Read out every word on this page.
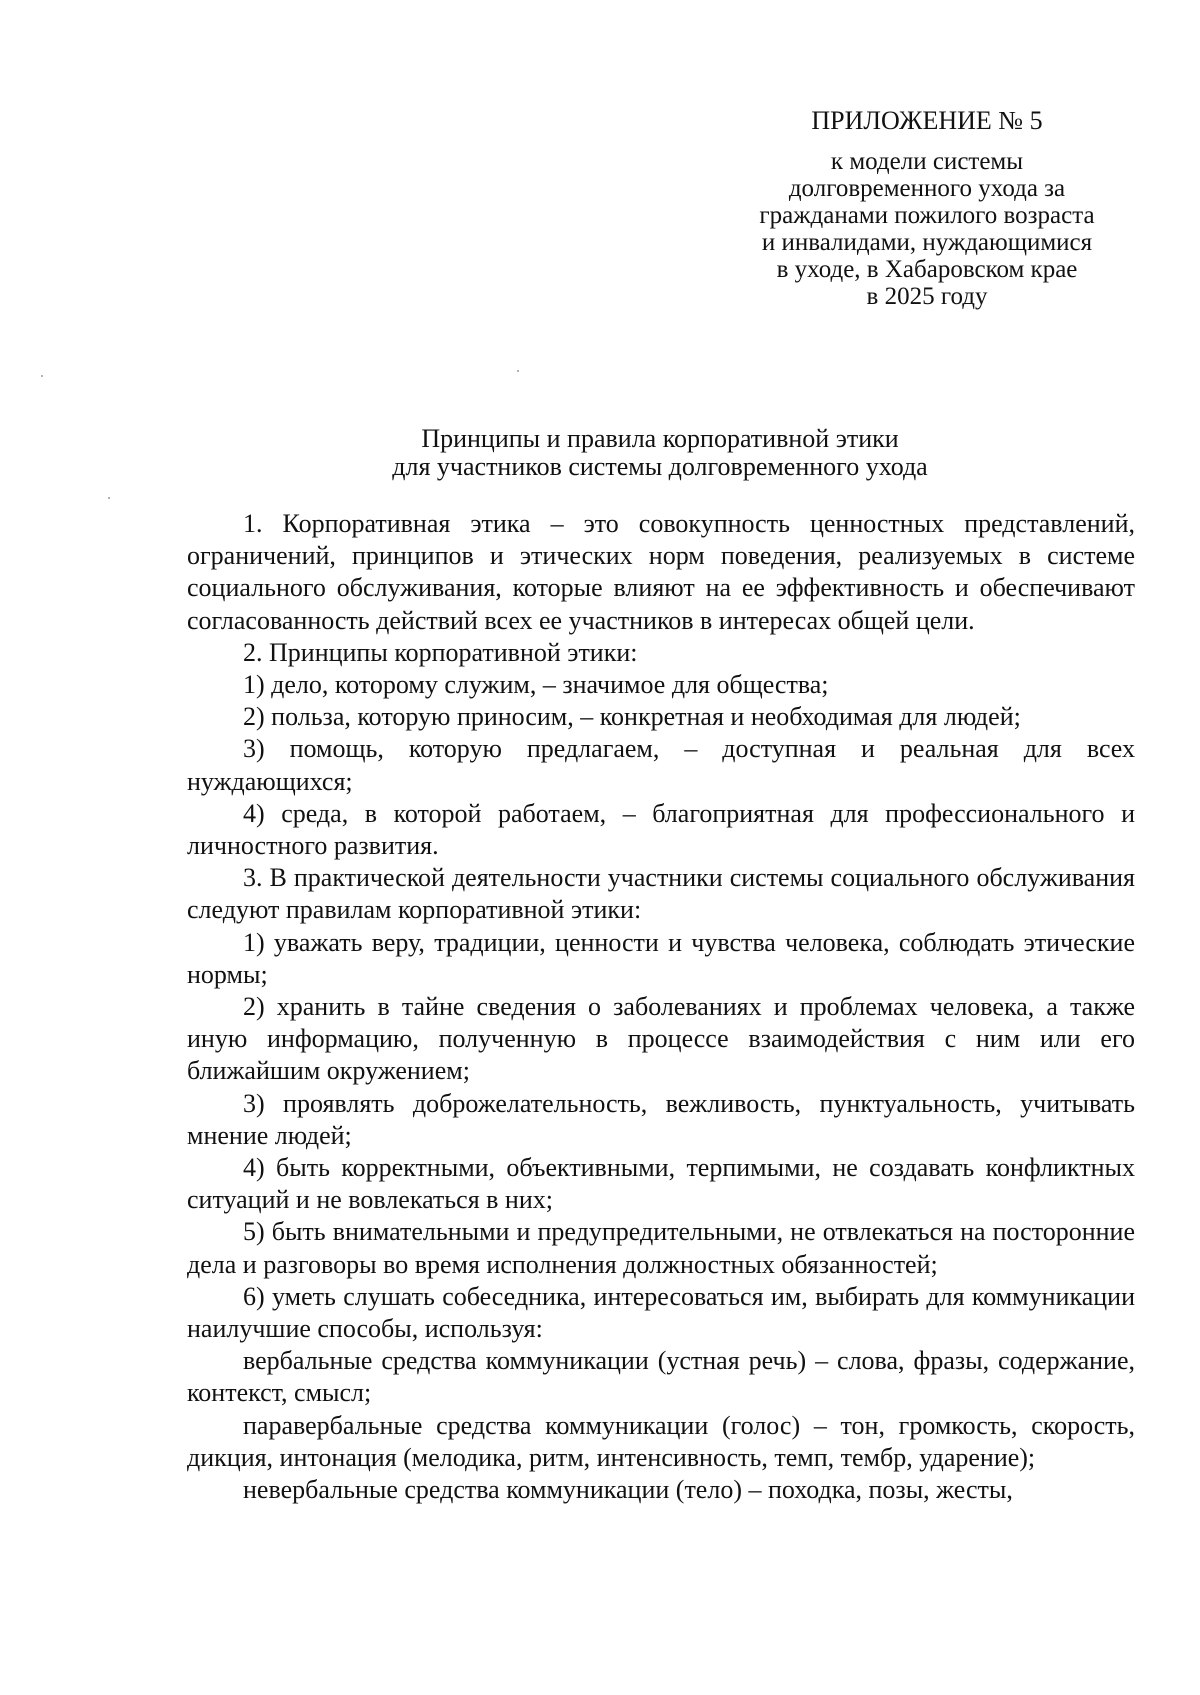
ПРИЛОЖЕНИЕ № 5
к модели системы
долговременного ухода за
гражданами пожилого возраста
и инвалидами, нуждающимися
в уходе, в Хабаровском крае
в 2025 году
Принципы и правила корпоративной этики
для участников системы долговременного ухода

1. Корпоративная этика – это совокупность ценностных представлений, ограничений, принципов и этических норм поведения, реализуемых в системе социального обслуживания, которые влияют на ее эффективность и обеспечивают согласованность действий всех ее участников в интересах общей цели.

2. Принципы корпоративной этики:

1) дело, которому служим, – значимое для общества;

2) польза, которую приносим, – конкретная и необходимая для людей;

3) помощь, которую предлагаем, – доступная и реальная для всех нуждающихся;

4) среда, в которой работаем, – благоприятная для профессионального и личностного развития.

3. В практической деятельности участники системы социального обслуживания следуют правилам корпоративной этики:

1) уважать веру, традиции, ценности и чувства человека, соблюдать этические нормы;

2) хранить в тайне сведения о заболеваниях и проблемах человека, а также иную информацию, полученную в процессе взаимодействия с ним или его ближайшим окружением;

3) проявлять доброжелательность, вежливость, пунктуальность, учитывать мнение людей;

4) быть корректными, объективными, терпимыми, не создавать конфликтных ситуаций и не вовлекаться в них;

5) быть внимательными и предупредительными, не отвлекаться на посторонние дела и разговоры во время исполнения должностных обязанностей;

6) уметь слушать собеседника, интересоваться им, выбирать для коммуникации наилучшие способы, используя:

вербальные средства коммуникации (устная речь) – слова, фразы, содержание, контекст, смысл;

паравербальные средства коммуникации (голос) – тон, громкость, скорость, дикция, интонация (мелодика, ритм, интенсивность, темп, тембр, ударение);

невербальные средства коммуникации (тело) – походка, позы, жесты,
